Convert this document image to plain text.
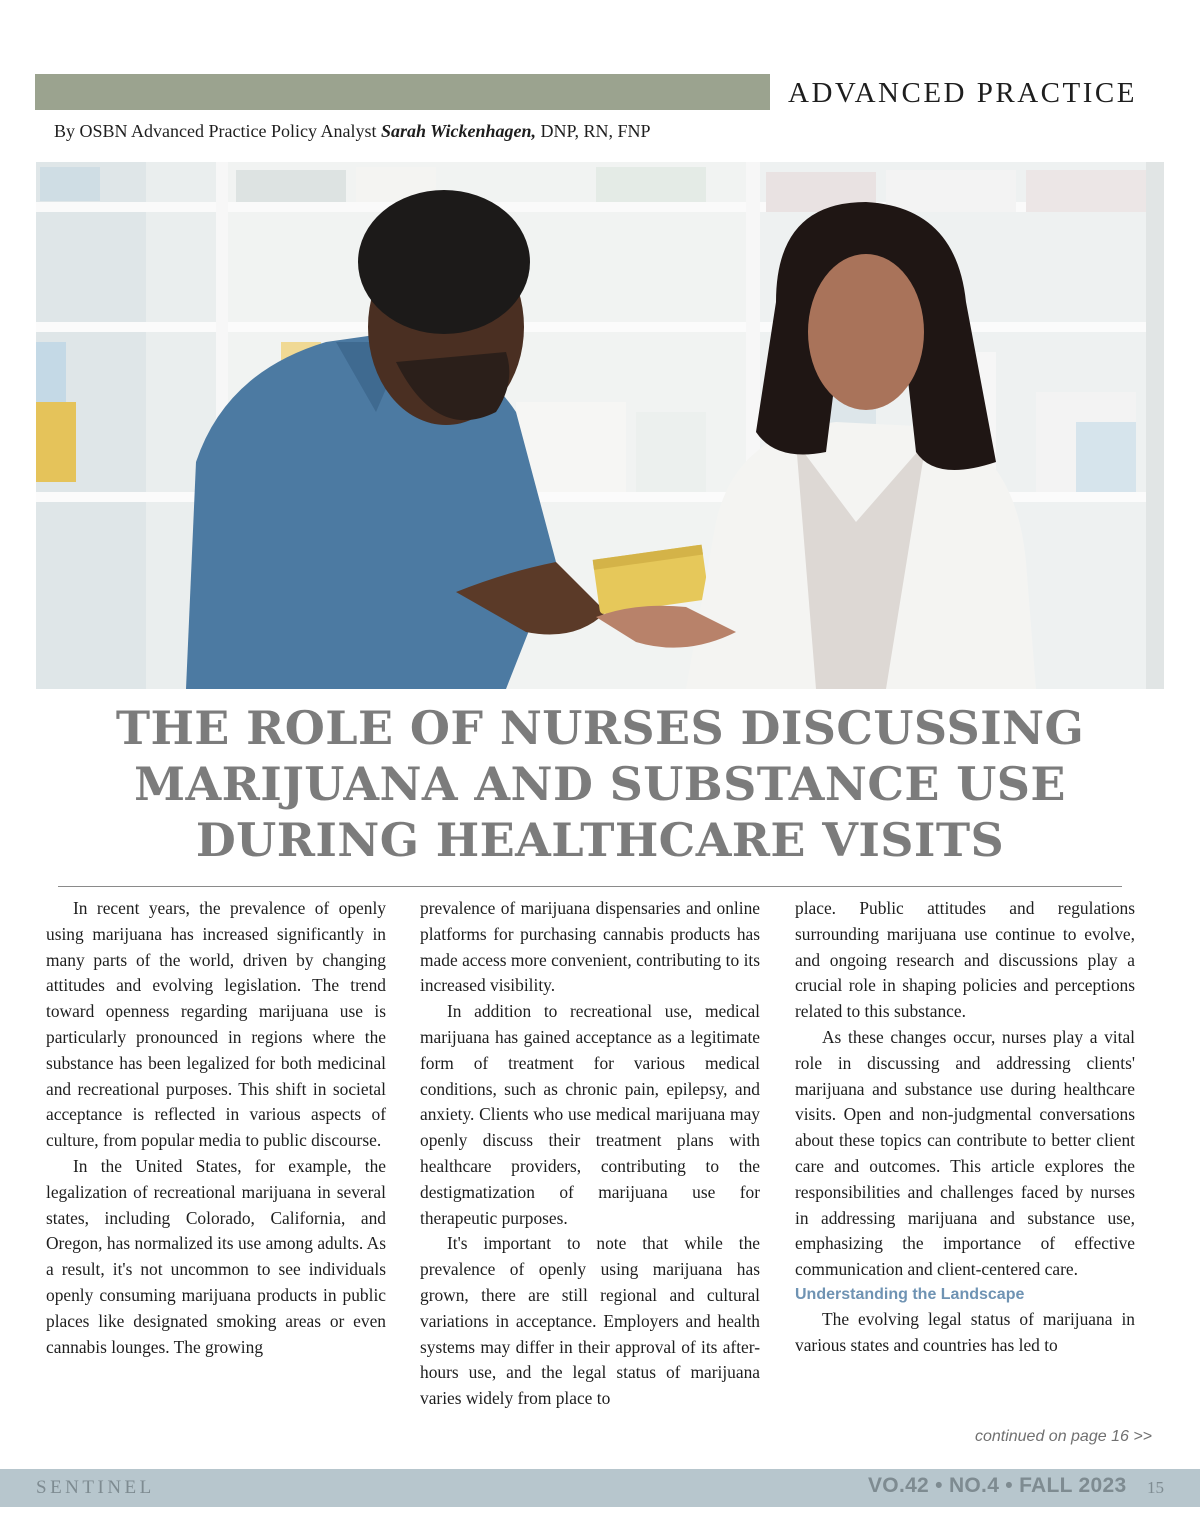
ADVANCED PRACTICE
By OSBN Advanced Practice Policy Analyst Sarah Wickenhagen, DNP, RN, FNP
THE ROLE OF NURSES DISCUSSING
MARIJUANA AND SUBSTANCE USE
DURING HEALTHCARE VISITS

In recent years, the prevalence of openly using marijuana has increased significantly in many parts of the world, driven by changing attitudes and evolving legislation. The trend toward openness regarding marijuana use is particularly pronounced in regions where the substance has been legalized for both medicinal and recreational purposes. This shift in societal acceptance is reflected in various aspects of culture, from popular media to public discourse.

In the United States, for example, the legalization of recreational marijuana in several states, including Colorado, California, and Oregon, has normalized its use among adults. As a result, it's not uncommon to see individuals openly consuming marijuana products in public places like designated smoking areas or even cannabis lounges. The growing

prevalence of marijuana dispensaries and online platforms for purchasing cannabis products has made access more convenient, contributing to its increased visibility.

In addition to recreational use, medical marijuana has gained acceptance as a legitimate form of treatment for various medical conditions, such as chronic pain, epilepsy, and anxiety. Clients who use medical marijuana may openly discuss their treatment plans with healthcare providers, contributing to the destigmatization of marijuana use for therapeutic purposes.

It's important to note that while the prevalence of openly using marijuana has grown, there are still regional and cultural variations in acceptance. Employers and health systems may differ in their approval of its after-hours use, and the legal status of marijuana varies widely from place to

place. Public attitudes and regulations surrounding marijuana use continue to evolve, and ongoing research and discussions play a crucial role in shaping policies and perceptions related to this substance.

As these changes occur, nurses play a vital role in discussing and addressing clients' marijuana and substance use during healthcare visits. Open and non-judgmental conversations about these topics can contribute to better client care and outcomes. This article explores the responsibilities and challenges faced by nurses in addressing marijuana and substance use, emphasizing the importance of effective communication and client-centered care.

Understanding the Landscape

The evolving legal status of marijuana in various states and countries has led to

continued on page 16 >>
SENTINEL	VO.42 • NO.4 • FALL 2023 15
